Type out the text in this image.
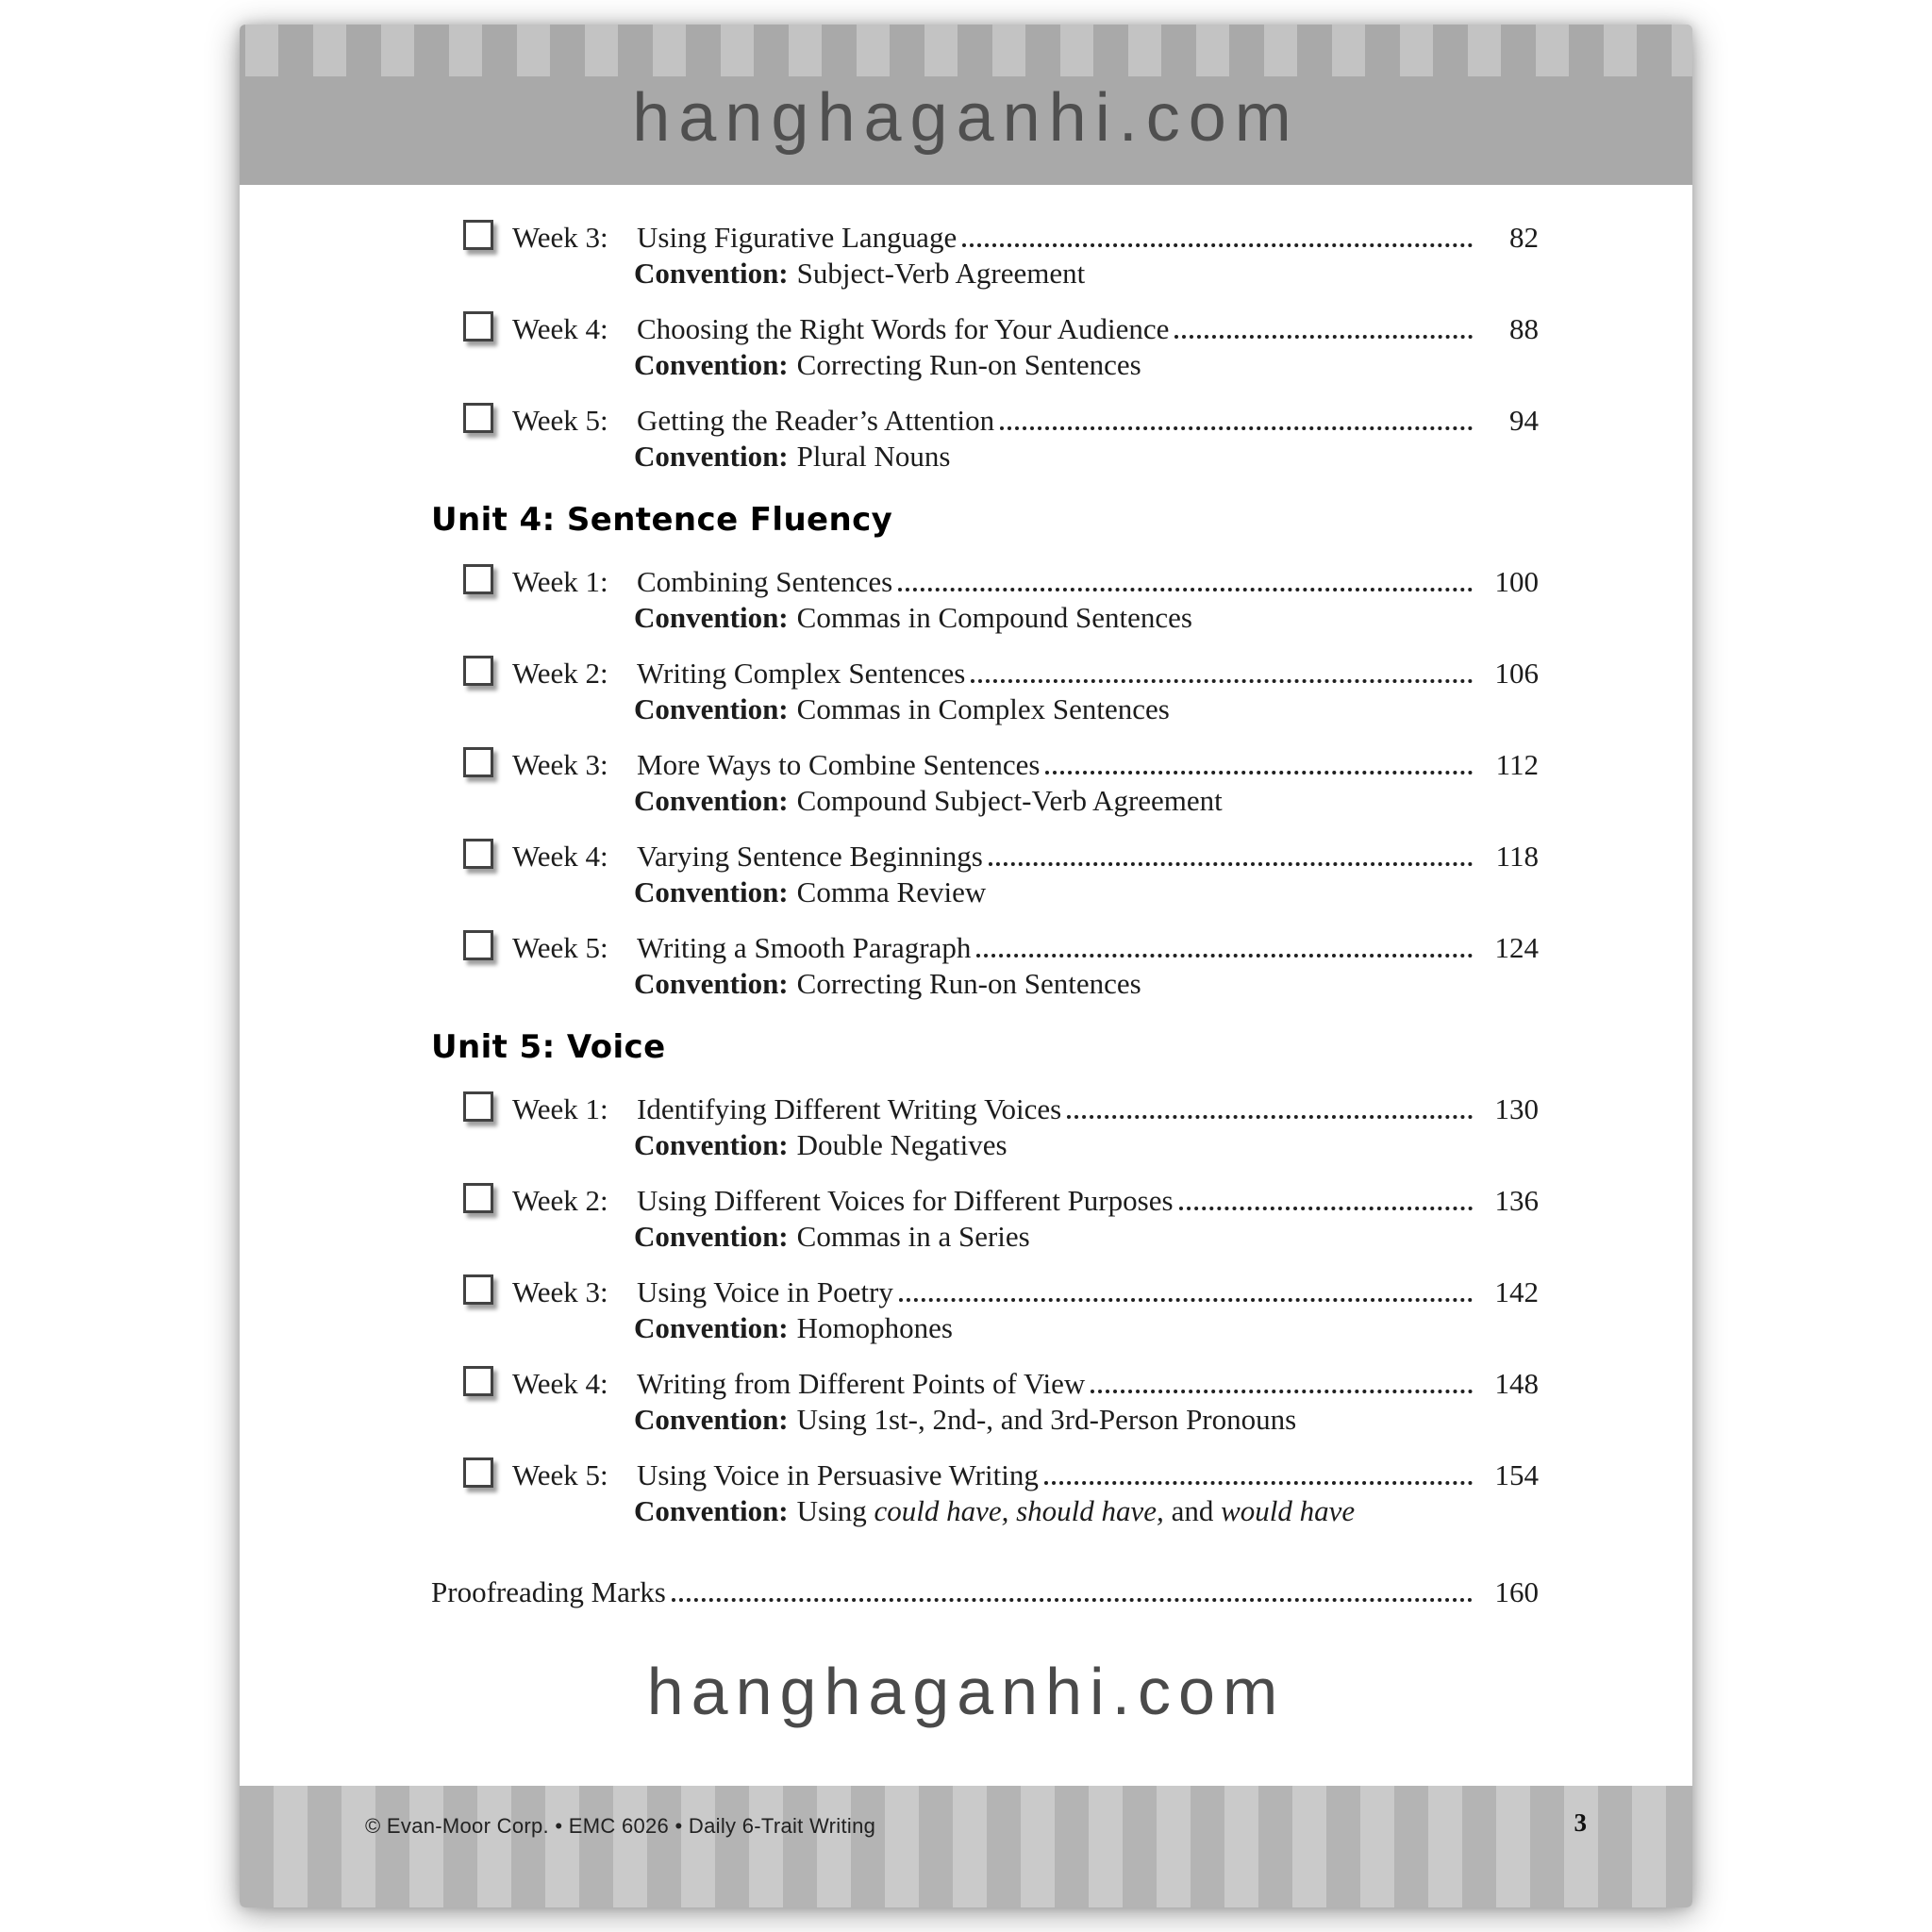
hanghaganhi.com
Week 3: Using Figurative Language	82
Convention: Subject-Verb Agreement
Week 4: Choosing the Right Words for Your Audience	88
Convention: Correcting Run-on Sentences
Week 5: Getting the Reader’s Attention	94
Convention: Plural Nouns
Unit 4: Sentence Fluency
Week 1: Combining Sentences	100
Convention: Commas in Compound Sentences
Week 2: Writing Complex Sentences	106
Convention: Commas in Complex Sentences
Week 3: More Ways to Combine Sentences	112
Convention: Compound Subject-Verb Agreement
Week 4: Varying Sentence Beginnings	118
Convention: Comma Review
Week 5: Writing a Smooth Paragraph	124
Convention: Correcting Run-on Sentences
Unit 5: Voice
Week 1: Identifying Different Writing Voices	130
Convention: Double Negatives
Week 2: Using Different Voices for Different Purposes	136
Convention: Commas in a Series
Week 3: Using Voice in Poetry	142
Convention: Homophones
Week 4: Writing from Different Points of View	148
Convention: Using 1st-, 2nd-, and 3rd-Person Pronouns
Week 5: Using Voice in Persuasive Writing	154
Convention: Using could have, should have, and would have
Proofreading Marks	160
hanghaganhi.com
© Evan-Moor Corp. • EMC 6026 • Daily 6-Trait Writing	3
